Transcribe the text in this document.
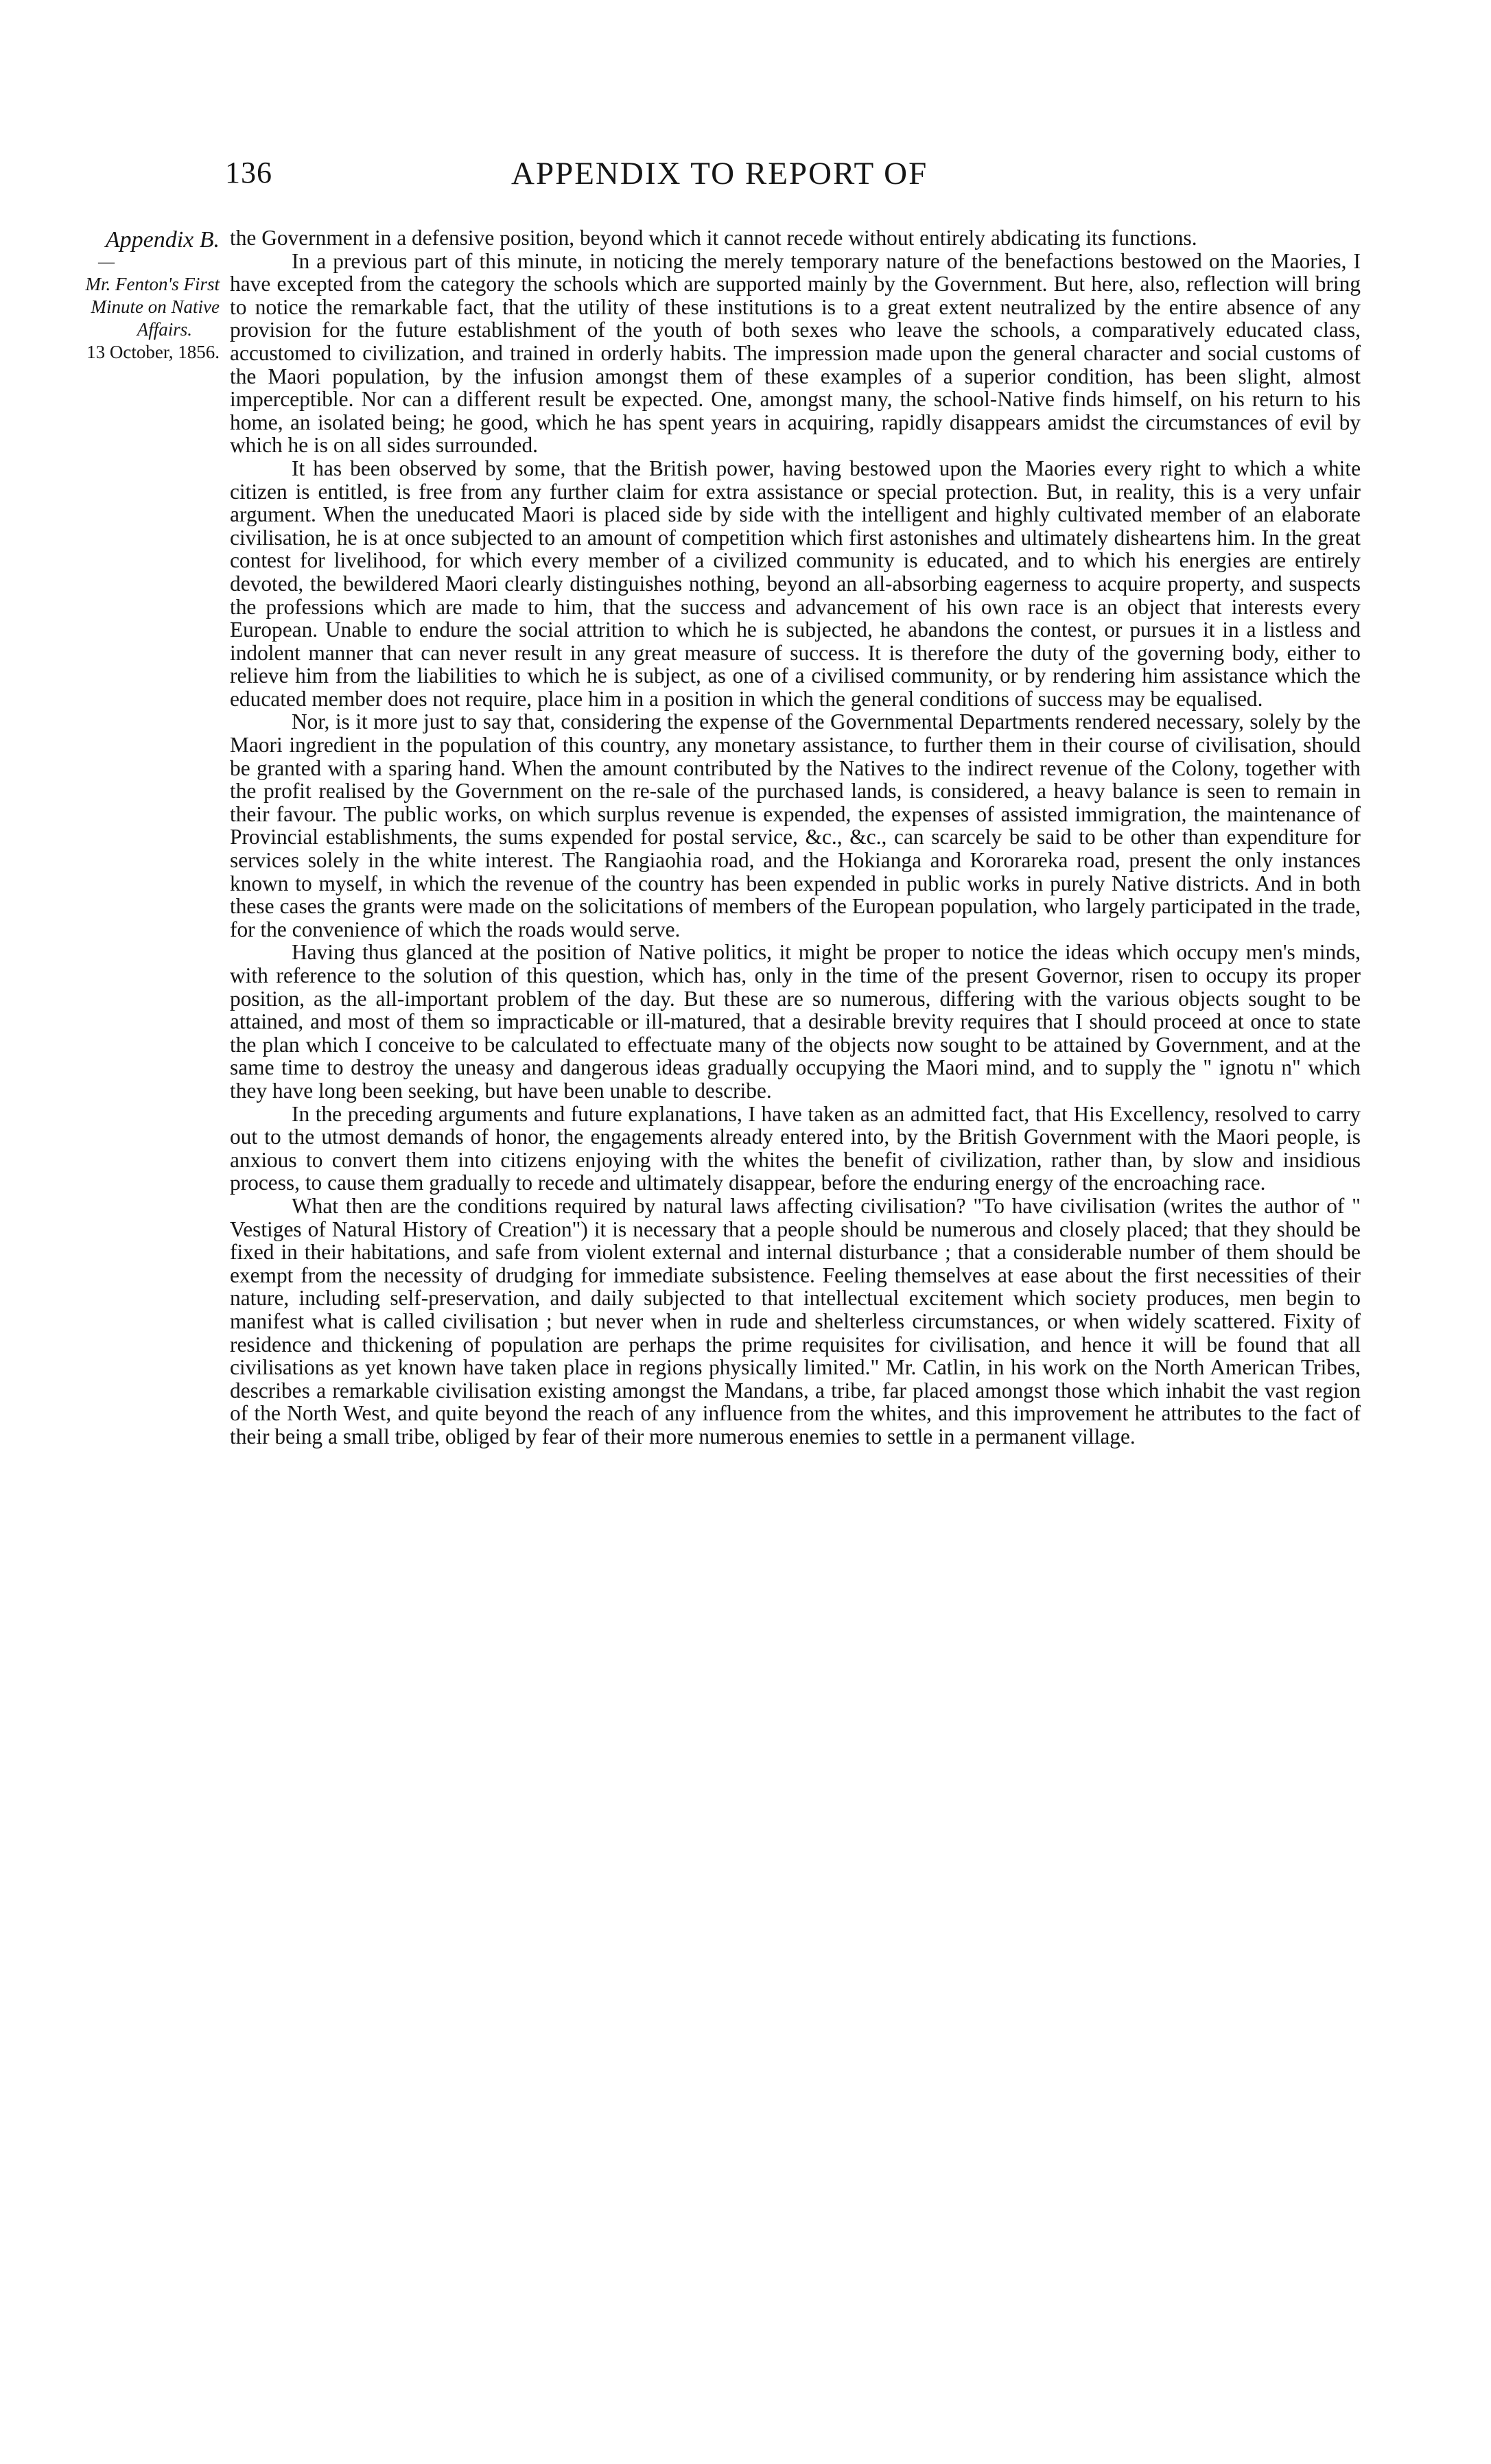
136	APPENDIX TO REPORT OF
Appendix B.
—
Mr. Fenton's First
Minute on Native
Affairs.
13 October, 1856.

the Government in a defensive position, beyond which it cannot recede without entirely abdicating its functions.

In a previous part of this minute, in noticing the merely temporary nature of the benefactions bestowed on the Maories, I have excepted from the category the schools which are supported mainly by the Government. But here, also, reflection will bring to notice the remarkable fact, that the utility of these institutions is to a great extent neutralized by the entire absence of any provision for the future establishment of the youth of both sexes who leave the schools, a comparatively educated class, accustomed to civilization, and trained in orderly habits. The impression made upon the general character and social customs of the Maori population, by the infusion amongst them of these examples of a superior condition, has been slight, almost imperceptible. Nor can a different result be expected. One, amongst many, the school-Native finds himself, on his return to his home, an isolated being; he good, which he has spent years in acquiring, rapidly disappears amidst the circumstances of evil by which he is on all sides surrounded.

It has been observed by some, that the British power, having bestowed upon the Maories every right to which a white citizen is entitled, is free from any further claim for extra assistance or special protection. But, in reality, this is a very unfair argument. When the uneducated Maori is placed side by side with the intelligent and highly cultivated member of an elaborate civilisation, he is at once subjected to an amount of competition which first astonishes and ultimately disheartens him. In the great contest for livelihood, for which every member of a civilized community is educated, and to which his energies are entirely devoted, the bewildered Maori clearly distinguishes nothing, beyond an all-absorbing eagerness to acquire property, and suspects the professions which are made to him, that the success and advancement of his own race is an object that interests every European. Unable to endure the social attrition to which he is subjected, he abandons the contest, or pursues it in a listless and indolent manner that can never result in any great measure of success. It is therefore the duty of the governing body, either to relieve him from the liabilities to which he is subject, as one of a civilised community, or by rendering him assistance which the educated member does not require, place him in a position in which the general conditions of success may be equalised.

Nor, is it more just to say that, considering the expense of the Governmental Departments rendered necessary, solely by the Maori ingredient in the population of this country, any monetary assistance, to further them in their course of civilisation, should be granted with a sparing hand. When the amount contributed by the Natives to the indirect revenue of the Colony, together with the profit realised by the Government on the re-sale of the purchased lands, is considered, a heavy balance is seen to remain in their favour. The public works, on which surplus revenue is expended, the expenses of assisted immigration, the maintenance of Provincial establishments, the sums expended for postal service, &c., &c., can scarcely be said to be other than expenditure for services solely in the white interest. The Rangiaohia road, and the Hokianga and Kororareka road, present the only instances known to myself, in which the revenue of the country has been expended in public works in purely Native districts. And in both these cases the grants were made on the solicitations of members of the European population, who largely participated in the trade, for the convenience of which the roads would serve.

Having thus glanced at the position of Native politics, it might be proper to notice the ideas which occupy men's minds, with reference to the solution of this question, which has, only in the time of the present Governor, risen to occupy its proper position, as the all-important problem of the day. But these are so numerous, differing with the various objects sought to be attained, and most of them so impracticable or ill-matured, that a desirable brevity requires that I should proceed at once to state the plan which I conceive to be calculated to effectuate many of the objects now sought to be attained by Government, and at the same time to destroy the uneasy and dangerous ideas gradually occupying the Maori mind, and to supply the " ignotu n" which they have long been seeking, but have been unable to describe.

In the preceding arguments and future explanations, I have taken as an admitted fact, that His Excellency, resolved to carry out to the utmost demands of honor, the engagements already entered into, by the British Government with the Maori people, is anxious to convert them into citizens enjoying with the whites the benefit of civilization, rather than, by slow and insidious process, to cause them gradually to recede and ultimately disappear, before the enduring energy of the encroaching race.

What then are the conditions required by natural laws affecting civilisation? "To have civilisation (writes the author of " Vestiges of Natural History of Creation") it is necessary that a people should be numerous and closely placed; that they should be fixed in their habitations, and safe from violent external and internal disturbance ; that a considerable number of them should be exempt from the necessity of drudging for immediate subsistence. Feeling themselves at ease about the first necessities of their nature, including self-preservation, and daily subjected to that intellectual excitement which society produces, men begin to manifest what is called civilisation ; but never when in rude and shelterless circumstances, or when widely scattered. Fixity of residence and thickening of population are perhaps the prime requisites for civilisation, and hence it will be found that all civilisations as yet known have taken place in regions physically limited." Mr. Catlin, in his work on the North American Tribes, describes a remarkable civilisation existing amongst the Mandans, a tribe, far placed amongst those which inhabit the vast region of the North West, and quite beyond the reach of any influence from the whites, and this improvement he attributes to the fact of their being a small tribe, obliged by fear of their more numerous enemies to settle in a permanent village.
